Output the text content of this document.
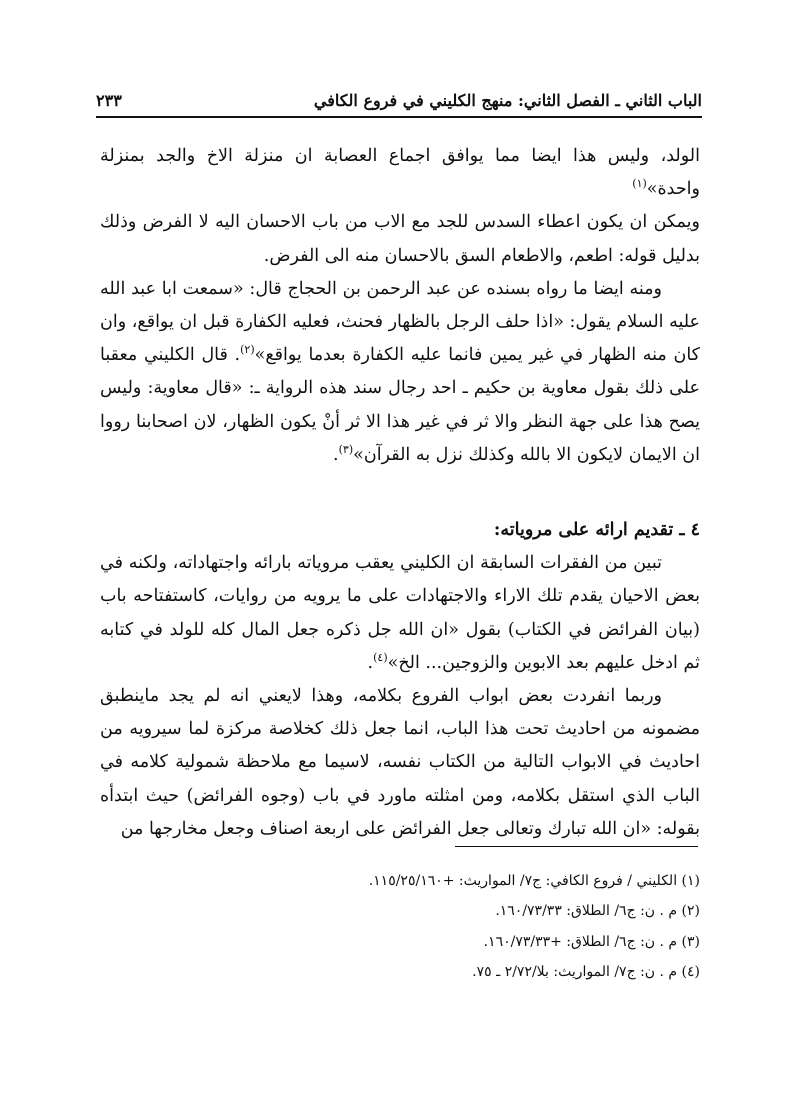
الباب الثاني ـ الفصل الثاني: منهج الكليني في فروع الكافي
٢٣٣

الولد، وليس هذا ايضا مما يوافق اجماع العصابة ان منزلة الاخ والجد بمنزلة واحدة»$^{(١)}$

ويمكن ان يكون اعطاء السدس للجد مع الاب من باب الاحسان اليه لا الفرض وذلك بدليل قوله: اطعم، والاطعام السق بالاحسان منه الى الفرض.

ومنه ايضا ما رواه بسنده عن عبد الرحمن بن الحجاج قال: «سمعت ابا عبد الله عليه السلام يقول: «اذا حلف الرجل بالظهار فحنث، فعليه الكفارة قبل ان يواقع، وان كان منه الظهار في غير يمين فانما عليه الكفارة بعدما يواقع»$^{(٢)}$. قال الكليني معقبا على ذلك بقول معاوية بن حكيم ـ احد رجال سند هذه الرواية ـ: «قال معاوية: وليس يصح هذا على جهة النظر والا ثر في غير هذا الا ثر أنْ يكون الظهار، لان اصحابنا رووا ان الايمان لايكون الا بالله وكذلك نزل به القرآن»$^{(٣)}$.

٤ ـ تقديم ارائه على مروياته:

تبين من الفقرات السابقة ان الكليني يعقب مروياته بارائه واجتهاداته، ولكنه في بعض الاحيان يقدم تلك الاراء والاجتهادات على ما يرويه من روايات، كاستفتاحه باب (بيان الفرائض في الكتاب) بقول «ان الله جل ذكره جعل المال كله للولد في كتابه ثم ادخل عليهم بعد الابوين والزوجين... الخ»$^{(٤)}$.

وربما انفردت بعض ابواب الفروع بكلامه، وهذا لايعني انه لم يجد ماينطبق مضمونه من احاديث تحت هذا الباب، انما جعل ذلك كخلاصة مركزة لما سيرويه من احاديث في الابواب التالية من الكتاب نفسه، لاسيما مع ملاحظة شمولية كلامه في الباب الذي استقل بكلامه، ومن امثلته ماورد في باب (وجوه الفرائض) حيث ابتدأه بقوله: «ان الله تبارك وتعالى جعل الفرائض على اربعة اصناف وجعل مخارجها من

(١) الكليني / فروع الكافي: ج٧/ المواريث: +١١٥/٢٥/١٦٠.

(٢) م . ن: ج٦/ الطلاق: ١٦٠/٧٣/٣٣.

(٣) م . ن: ج٦/ الطلاق: +١٦٠/٧٣/٣٣.

(٤) م . ن: ج٧/ المواريث: بلا/٢/٧٢ ـ ٧٥.
